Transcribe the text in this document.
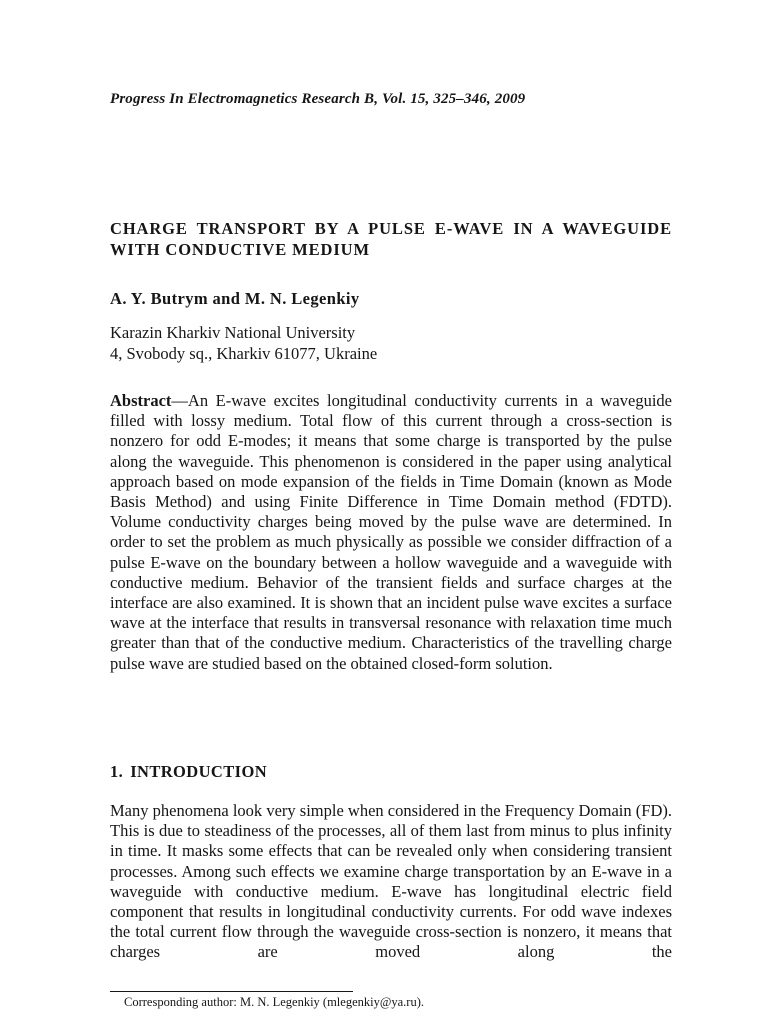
Progress In Electromagnetics Research B, Vol. 15, 325–346, 2009
CHARGE TRANSPORT BY A PULSE E-WAVE IN A WAVEGUIDE WITH CONDUCTIVE MEDIUM
A. Y. Butrym and M. N. Legenkiy
Karazin Kharkiv National University
4, Svobody sq., Kharkiv 61077, Ukraine
Abstract—An E-wave excites longitudinal conductivity currents in a waveguide filled with lossy medium. Total flow of this current through a cross-section is nonzero for odd E-modes; it means that some charge is transported by the pulse along the waveguide. This phenomenon is considered in the paper using analytical approach based on mode expansion of the fields in Time Domain (known as Mode Basis Method) and using Finite Difference in Time Domain method (FDTD). Volume conductivity charges being moved by the pulse wave are determined. In order to set the problem as much physically as possible we consider diffraction of a pulse E-wave on the boundary between a hollow waveguide and a waveguide with conductive medium. Behavior of the transient fields and surface charges at the interface are also examined. It is shown that an incident pulse wave excites a surface wave at the interface that results in transversal resonance with relaxation time much greater than that of the conductive medium. Characteristics of the travelling charge pulse wave are studied based on the obtained closed-form solution.
1. INTRODUCTION
Many phenomena look very simple when considered in the Frequency Domain (FD). This is due to steadiness of the processes, all of them last from minus to plus infinity in time. It masks some effects that can be revealed only when considering transient processes. Among such effects we examine charge transportation by an E-wave in a waveguide with conductive medium. E-wave has longitudinal electric field component that results in longitudinal conductivity currents. For odd wave indexes the total current flow through the waveguide cross-section is nonzero, it means that charges are moved along the
Corresponding author: M. N. Legenkiy (mlegenkiy@ya.ru).
